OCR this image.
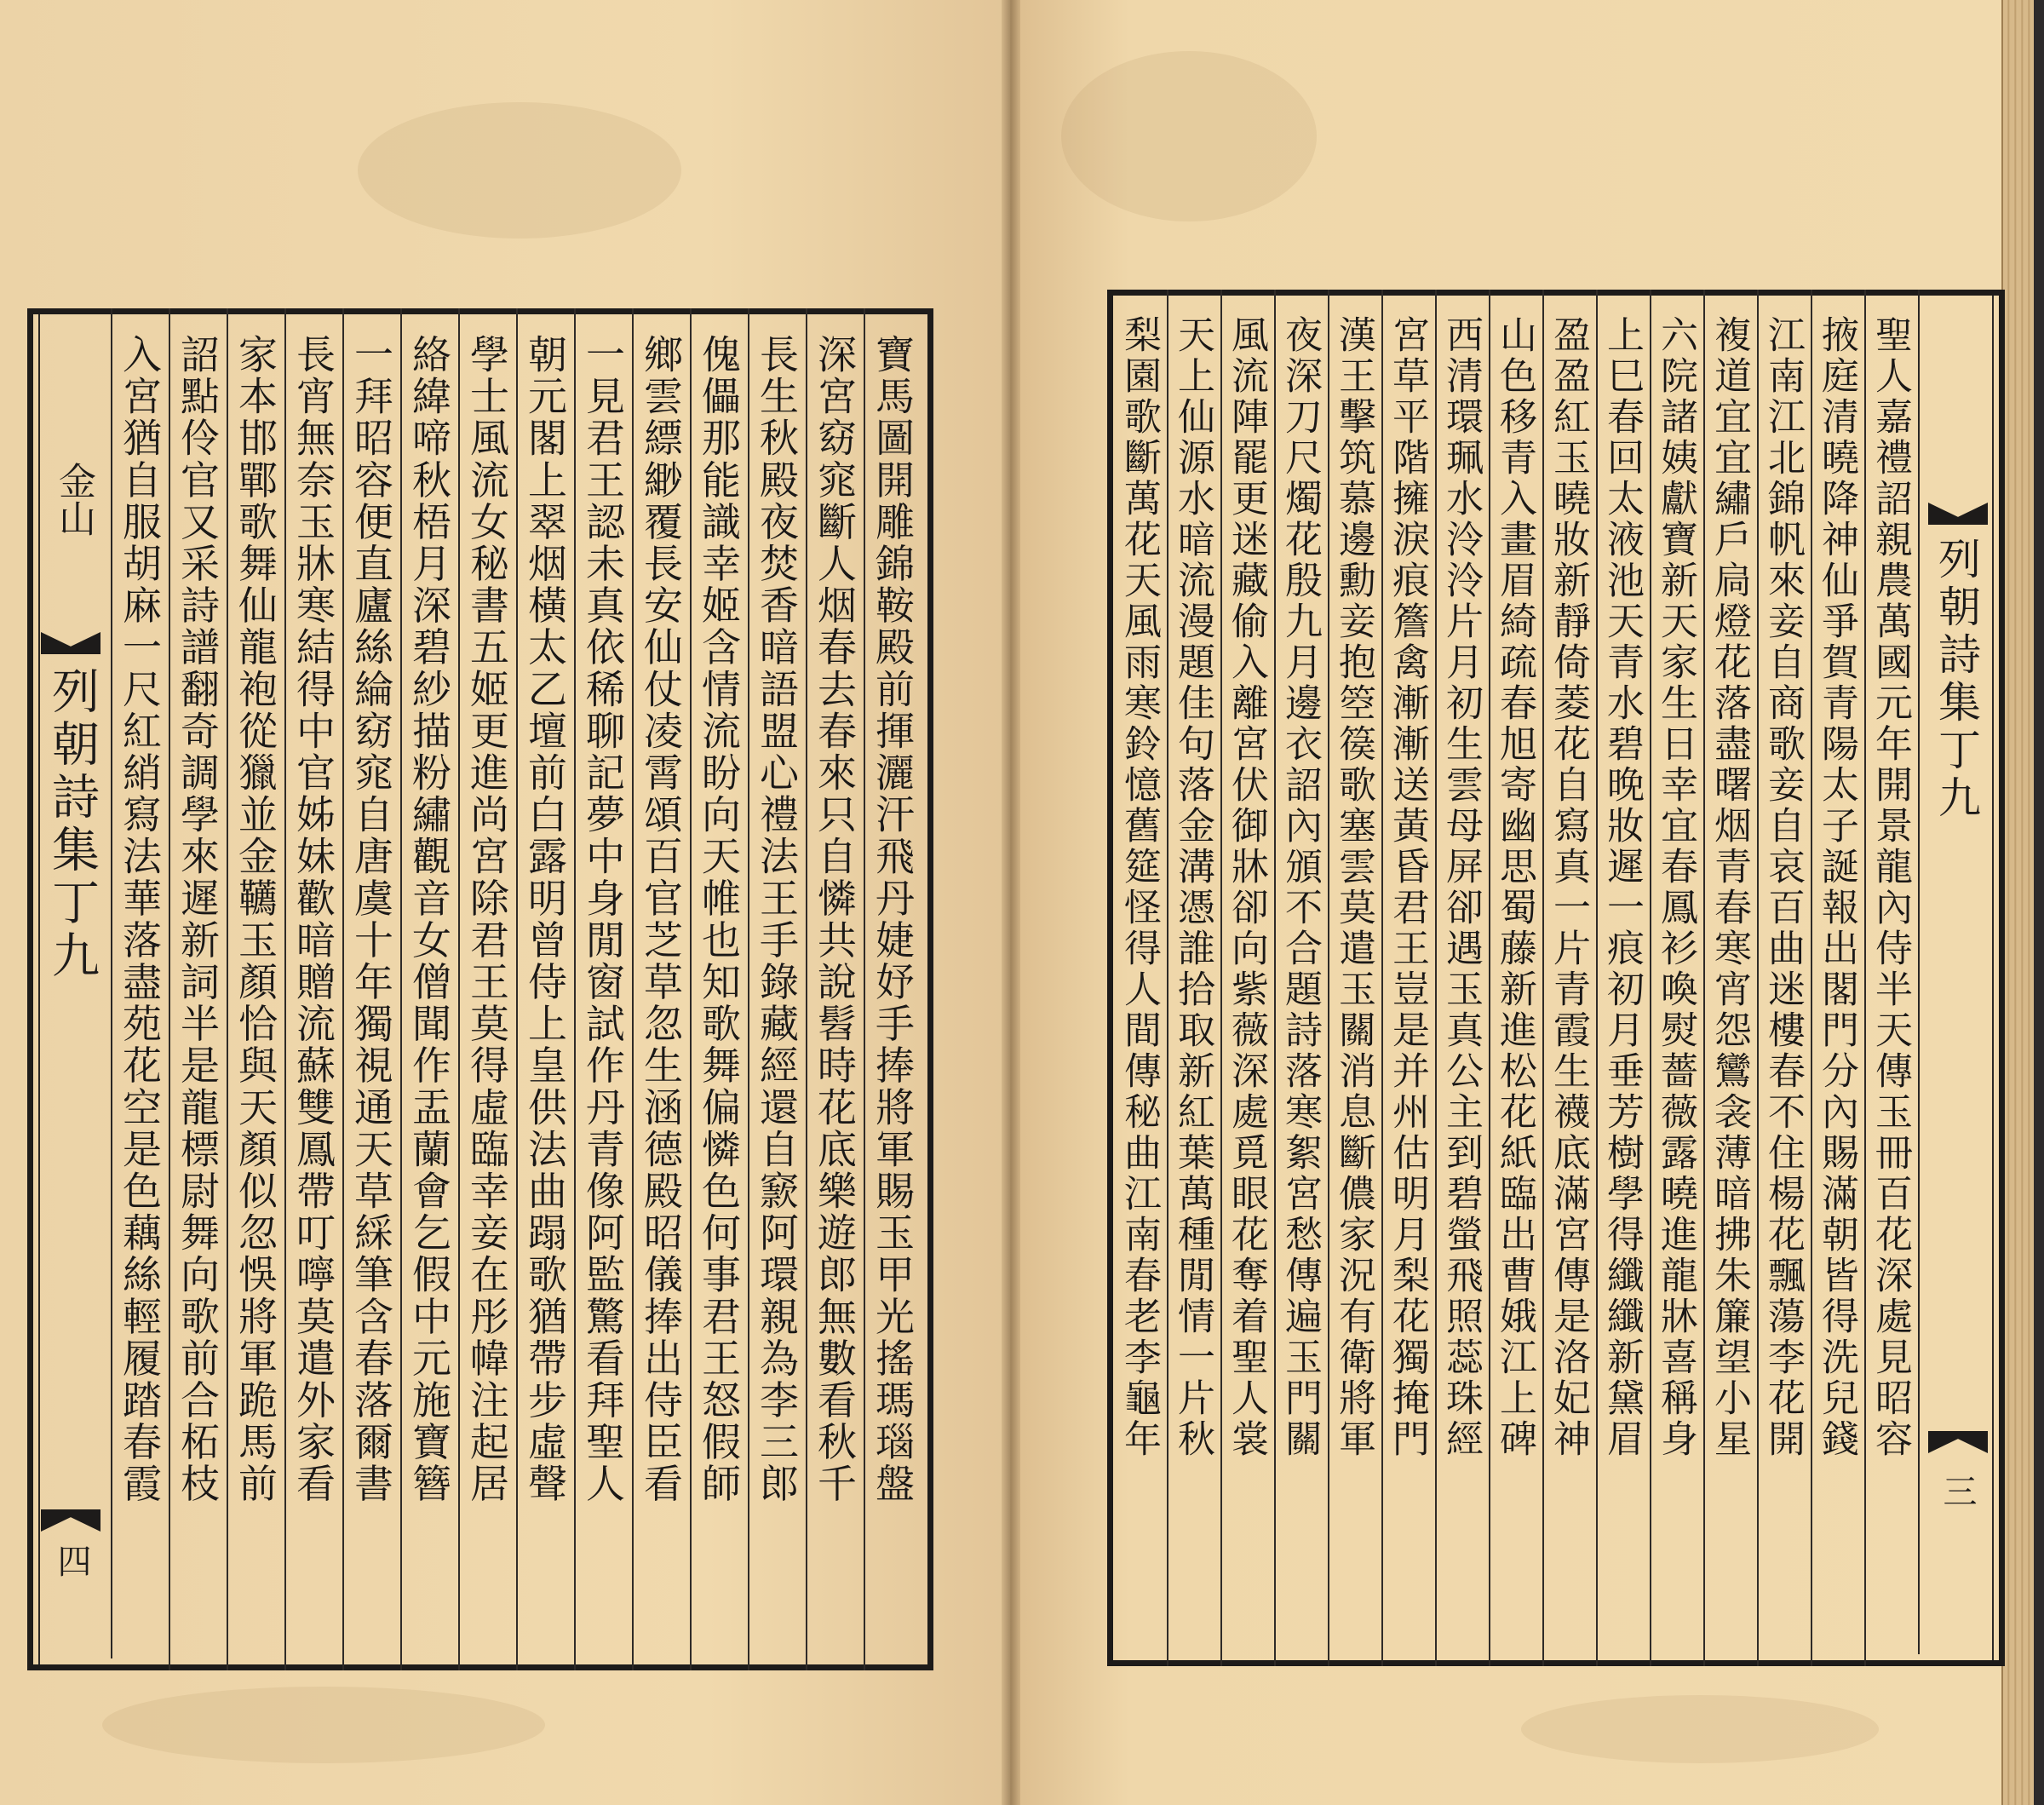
金山
列朝詩集丁九
四
列朝詩集丁九
三
寶馬圖開雕錦鞍殿前揮灑汗飛丹婕妤手捧將軍賜玉甲光搖瑪瑙盤
深宮窈窕斷人烟春去春來只自憐共說髫時花底樂遊郎無數看秋千
長生秋殿夜焚香暗語盟心禮法王手錄藏經還自窾阿環親為李三郎
傀儡那能識幸姬含情流盼向天帷也知歌舞偏憐色何事君王怒假師
鄉雲縹緲覆長安仙仗凌霄頌百官芝草忽生涵德殿昭儀捧出侍臣看
一見君王認未真依稀聊記夢中身閒窗試作丹青像阿監驚看拜聖人
朝元閣上翠烟橫太乙壇前白露明曾侍上皇供法曲蹋歌猶帶步虛聲
學士風流女秘書五姬更進尚宮除君王莫得虛臨幸妾在彤幃注起居
絡緯啼秋梧月深碧紗描粉繡觀音女僧聞作盂蘭會乞假中元施寶簪
一拜昭容便直廬絲綸窈窕自唐虞十年獨視通天草綵筆含春落爾書
長宵無奈玉牀寒結得中官姊妹歡暗贈流蘇雙鳳帶叮嚀莫遣外家看
家本邯鄲歌舞仙龍袍從獵並金韉玉顏恰與天顏似忽悞將軍跪馬前
詔點伶官又采詩譜翻奇調學來遲新詞半是龍標尉舞向歌前合柘枝
入宮猶自服胡麻一尺紅綃寫法華落盡苑花空是色藕絲輕履踏春霞	聖人嘉禮詔親農萬國元年開景龍內侍半天傳玉冊百花深處見昭容
掖庭清曉降神仙爭賀青陽太子誕報出閣門分內賜滿朝皆得洗兒錢
江南江北錦帆來妾自商歌妾自哀百曲迷樓春不住楊花飄蕩李花開
複道宜宜繡戶扃燈花落盡曙烟青春寒宵怨鸞衾薄暗拂朱簾望小星
六院諸姨獻寶新天家生日幸宜春鳳衫喚熨薔薇露曉進龍牀喜稱身
上巳春回太液池天青水碧晚妝遲一痕初月垂芳樹學得纖纖新黛眉
盈盈紅玉曉妝新靜倚菱花自寫真一片青霞生襪底滿宮傳是洛妃神
山色移青入畫眉綺疏春旭寄幽思蜀藤新進松花紙臨出曹娥江上碑
西清環珮水泠泠片月初生雲母屏卻遇玉真公主到碧螢飛照蕊珠經
宮草平階擁淚痕簷禽漸漸送黃昏君王豈是并州估明月梨花獨掩門
漢王擊筑慕邊勳妾抱箜篌歌塞雲莫遣玉關消息斷儂家況有衛將軍
夜深刀尺燭花殷九月邊衣詔內頒不合題詩落寒絮宮愁傳遍玉門關
風流陣罷更迷藏偷入離宮伏御牀卻向紫薇深處覓眼花奪着聖人裳
天上仙源水暗流漫題佳句落金溝憑誰拾取新紅葉萬種閒情一片秋
梨園歌斷萬花天風雨寒鈴憶舊筵怪得人間傳秘曲江南春老李龜年
